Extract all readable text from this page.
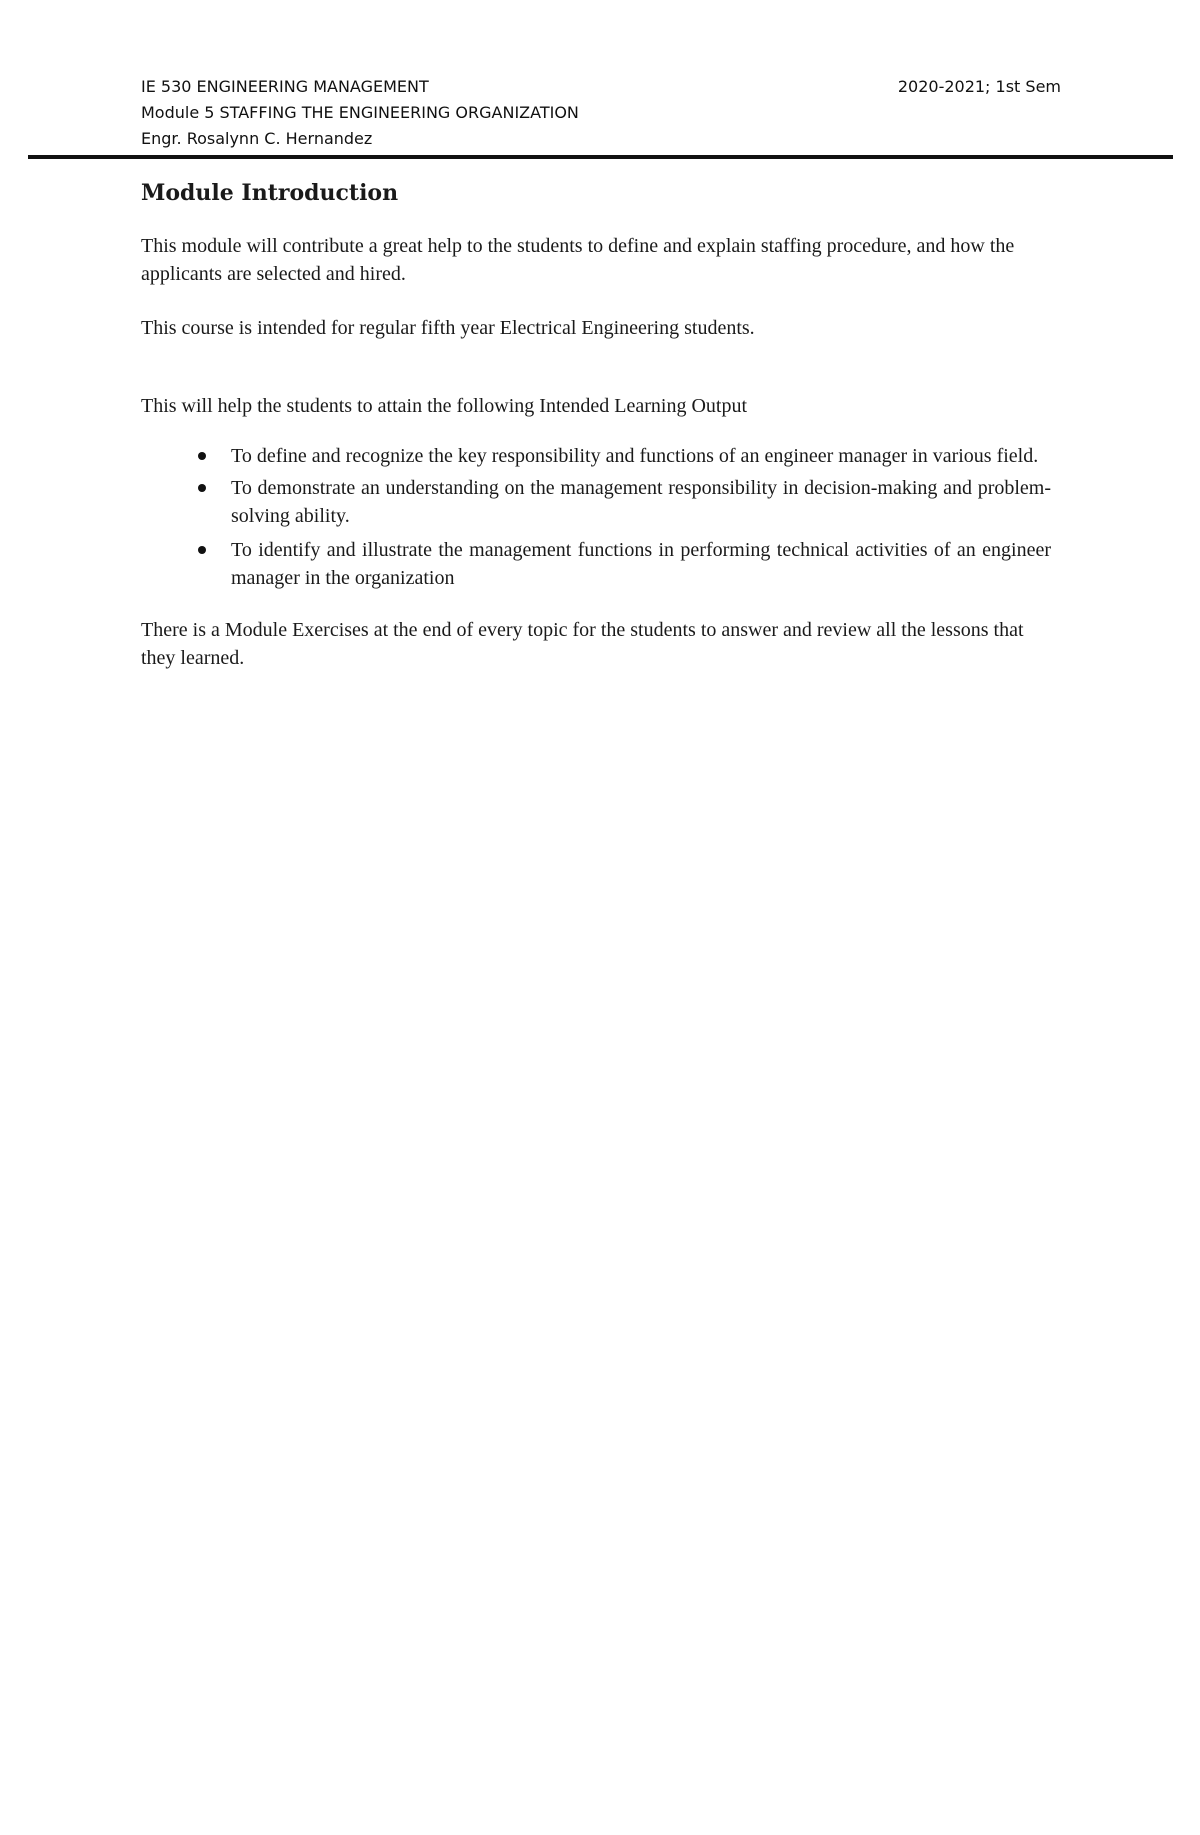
IE 530 ENGINEERING MANAGEMENT	2020-2021; 1st Sem
Module 5 STAFFING THE ENGINEERING ORGANIZATION
Engr. Rosalynn C. Hernandez
Module Introduction

This module will contribute a great help to the students to define and explain staffing procedure, and how the applicants are selected and hired.

This course is intended for regular fifth year Electrical Engineering students.

This will help the students to attain the following Intended Learning Output

To define and recognize the key responsibility and functions of an engineer manager in various field.
To demonstrate an understanding on the management responsibility in decision-making and problem-solving ability.
To identify and illustrate the management functions in performing technical activities of an engineer manager in the organization

There is a Module Exercises at the end of every topic for the students to answer and review all the lessons that they learned.
